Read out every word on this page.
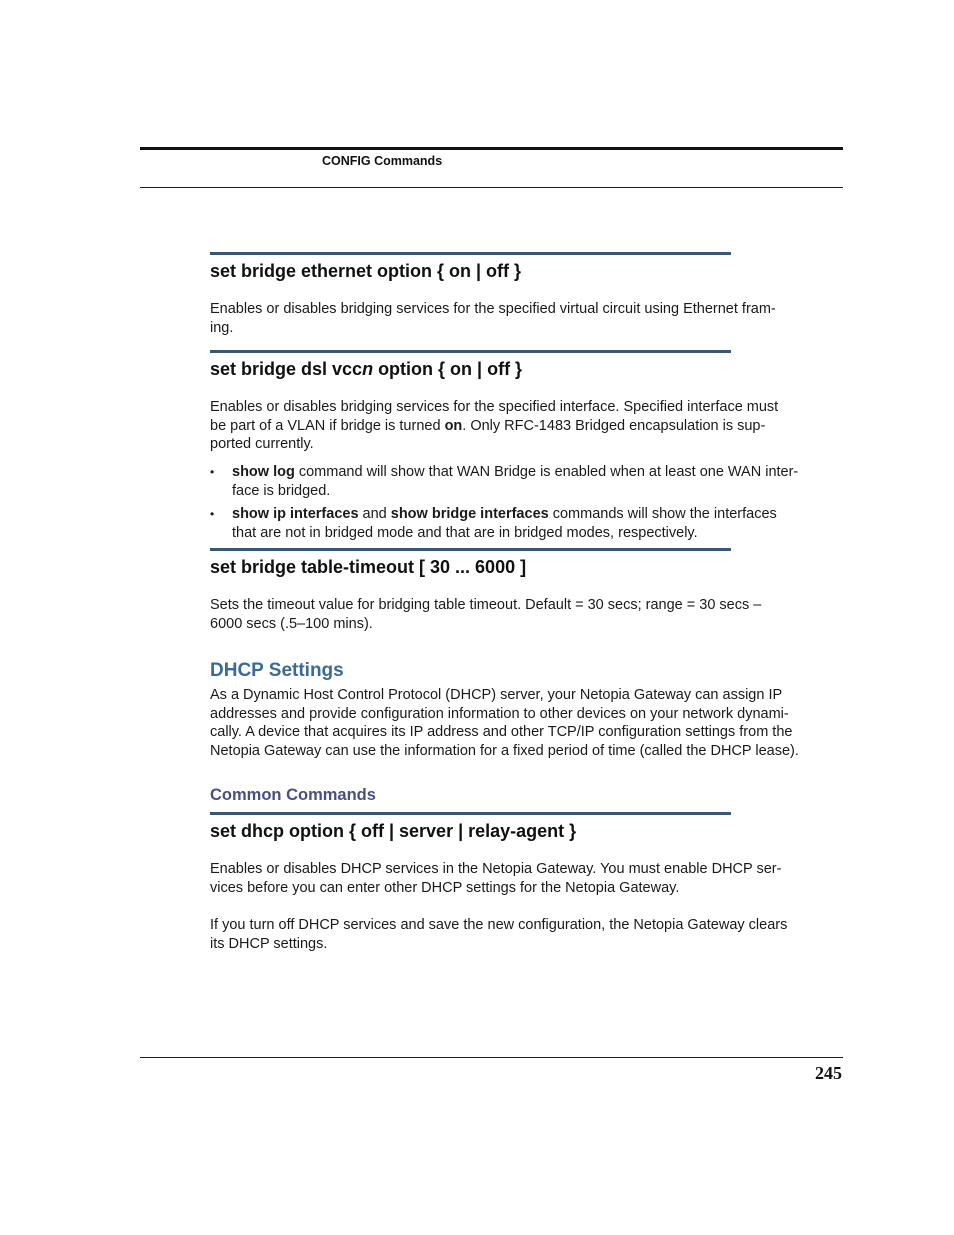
CONFIG Commands
set bridge ethernet option { on | off }
Enables or disables bridging services for the specified virtual circuit using Ethernet fram-
ing.
set bridge dsl vccn option { on | off }
Enables or disables bridging services for the specified interface. Specified interface must
be part of a VLAN if bridge is turned on. Only RFC-1483 Bridged encapsulation is sup-
ported currently.
•	show log command will show that WAN Bridge is enabled when at least one WAN inter-
face is bridged.
•	show ip interfaces and show bridge interfaces commands will show the interfaces
that are not in bridged mode and that are in bridged modes, respectively.
set bridge table-timeout [ 30 ... 6000 ]
Sets the timeout value for bridging table timeout. Default = 30 secs; range = 30 secs –
6000 secs (.5–100 mins).
DHCP Settings
As a Dynamic Host Control Protocol (DHCP) server, your Netopia Gateway can assign IP
addresses and provide configuration information to other devices on your network dynami-
cally. A device that acquires its IP address and other TCP/IP configuration settings from the
Netopia Gateway can use the information for a fixed period of time (called the DHCP lease).
Common Commands
set dhcp option { off | server | relay-agent }
Enables or disables DHCP services in the Netopia Gateway. You must enable DHCP ser-
vices before you can enter other DHCP settings for the Netopia Gateway.
If you turn off DHCP services and save the new configuration, the Netopia Gateway clears
its DHCP settings.
245
